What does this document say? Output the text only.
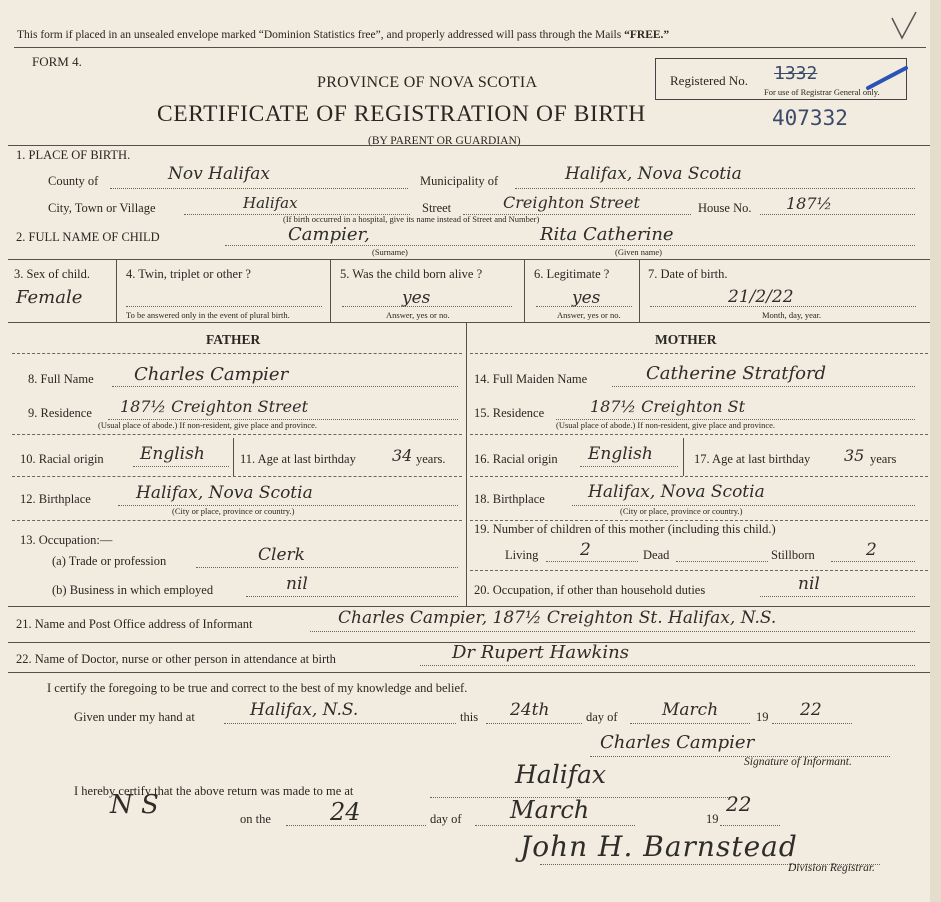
This form if placed in an unsealed envelope marked “Dominion Statistics free”, and properly addressed will pass through the Mails “FREE.”
FORM 4.
PROVINCE OF NOVA SCOTIA
CERTIFICATE OF REGISTRATION OF BIRTH
(BY PARENT OR GUARDIAN)
Registered No. 1332
For use of Registrar General only.
407332
1. PLACE OF BIRTH.
County of	Nov Halifax	Municipality of	Halifax, Nova Scotia
City, Town or Village	Halifax	Street	Creighton Street	House No. 187½
(If birth occurred in a hospital, give its name instead of Street and Number)
2. FULL NAME OF CHILD	Campier,	Rita Catherine
(Surname)	(Given name)
3. Sex of child.
Female
4. Twin, triplet or other ?
To be answered only in the event of plural birth.
5. Was the child born alive ?
yes
Answer, yes or no.
6. Legitimate ?
yes
Answer, yes or no.
7. Date of birth.
21/2/22
Month, day, year.
FATHER	MOTHER
8. Full Name Charles Campier
9. Residence 187½ Creighton Street
(Usual place of abode.) If non-resident, give place and province.
10. Racial origin English	11. Age at last birthday 34 years.
12. Birthplace	Halifax, Nova Scotia
(City or place, province or country.)
13. Occupation:—
(a) Trade or profession	Clerk
(b) Business in which employed	nil
14. Full Maiden Name	Catherine Stratford
15. Residence	187½ Creighton St
(Usual place of abode.) If non-resident, give place and province.
16. Racial origin English	17. Age at last birthday 35 years
18. Birthplace	Halifax, Nova Scotia
(City or place, province or country.)
19. Number of children of this mother (including this child.)
Living 2	Dead	Stillborn	2
20. Occupation, if other than household duties	nil
21. Name and Post Office address of Informant	Charles Campier, 187½ Creighton St. Halifax, N.S.
22. Name of Doctor, nurse or other person in attendance at birth	Dr Rupert Hawkins
I certify the foregoing to be true and correct to the best of my knowledge and belief.
Given under my hand at	Halifax, N.S.	this 24th	day of	March	19 22
Charles Campier
Signature of Informant.
I hereby certify that the above return was made to me at
Halifax
N S	on the 24	day of March	19
22
John H. Barnstead
Division Registrar.
